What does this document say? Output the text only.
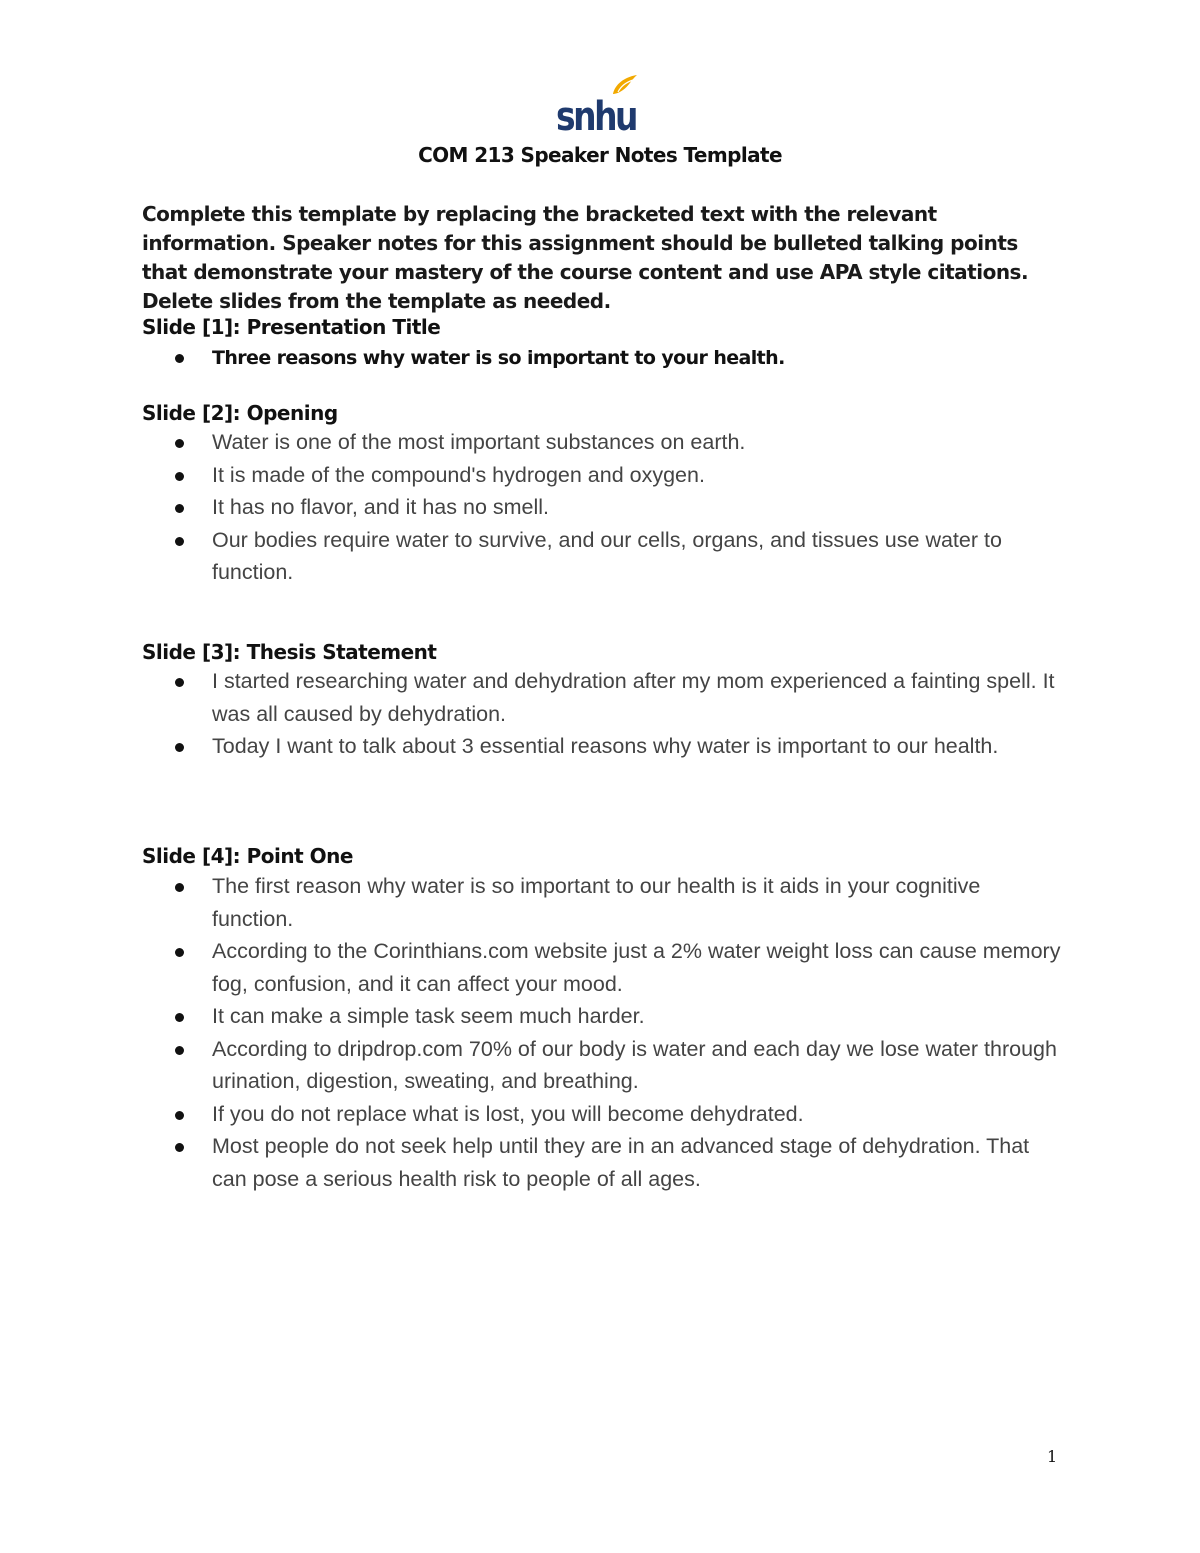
snhu
COM 213 Speaker Notes Template
Complete this template by replacing the bracketed text with the relevant information. Speaker notes for this assignment should be bulleted talking points that demonstrate your mastery of the course content and use APA style citations. Delete slides from the template as needed.
Slide [1]: Presentation Title
Three reasons why water is so important to your health.
Slide [2]: Opening
Water is one of the most important substances on earth.
It is made of the compound's hydrogen and oxygen.
It has no flavor, and it has no smell.
Our bodies require water to survive, and our cells, organs, and tissues use water to function.
Slide [3]: Thesis Statement
I started researching water and dehydration after my mom experienced a fainting spell. It was all caused by dehydration.
Today I want to talk about 3 essential reasons why water is important to our health.
Slide [4]: Point One
The first reason why water is so important to our health is it aids in your cognitive function.
According to the Corinthians.com website just a 2% water weight loss can cause memory fog, confusion, and it can affect your mood.
It can make a simple task seem much harder.
According to dripdrop.com 70% of our body is water and each day we lose water through urination, digestion, sweating, and breathing.
If you do not replace what is lost, you will become dehydrated.
Most people do not seek help until they are in an advanced stage of dehydration. That can pose a serious health risk to people of all ages.
1
